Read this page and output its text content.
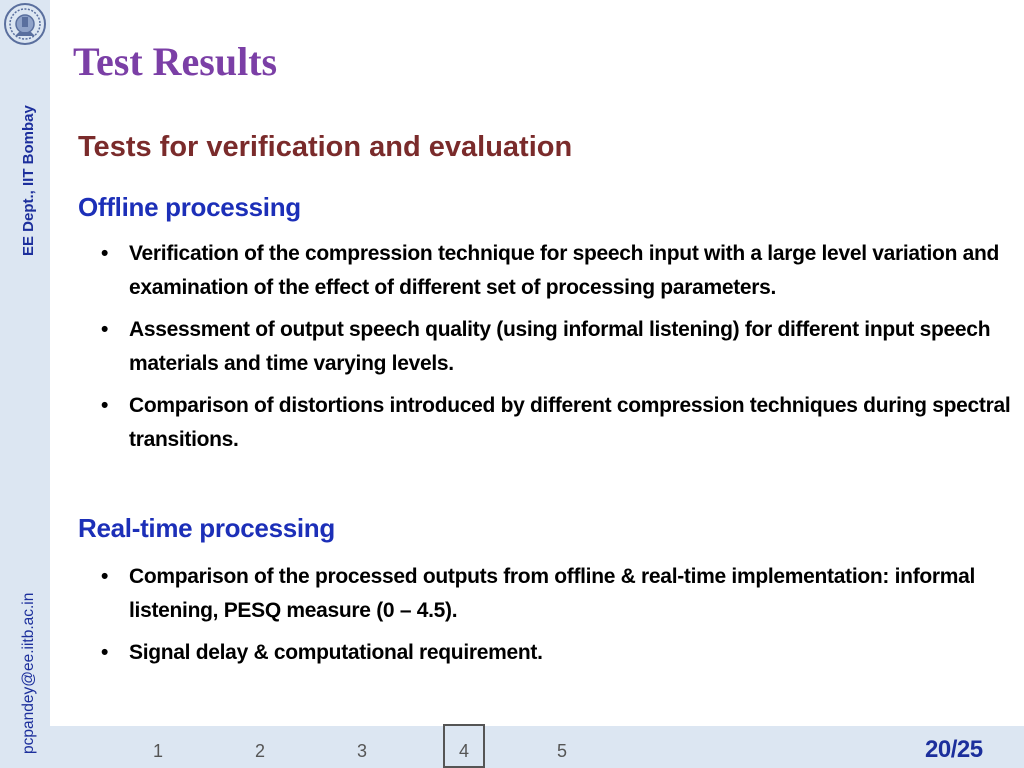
EE Dept., IIT Bombay
pcpandey@ee.iitb.ac.in
Test Results
Tests for verification and evaluation
Offline processing
• Verification of the compression technique for speech input with a large level variation and examination of the effect of different set of processing parameters.
• Assessment of output speech quality (using informal listening) for different input speech materials and time varying levels.
• Comparison of distortions introduced by different compression techniques during spectral transitions.
Real-time processing
• Comparison of the processed outputs from offline & real-time implementation: informal listening, PESQ measure (0 – 4.5).
• Signal delay & computational requirement.
1	2	3	4	5	20/25
